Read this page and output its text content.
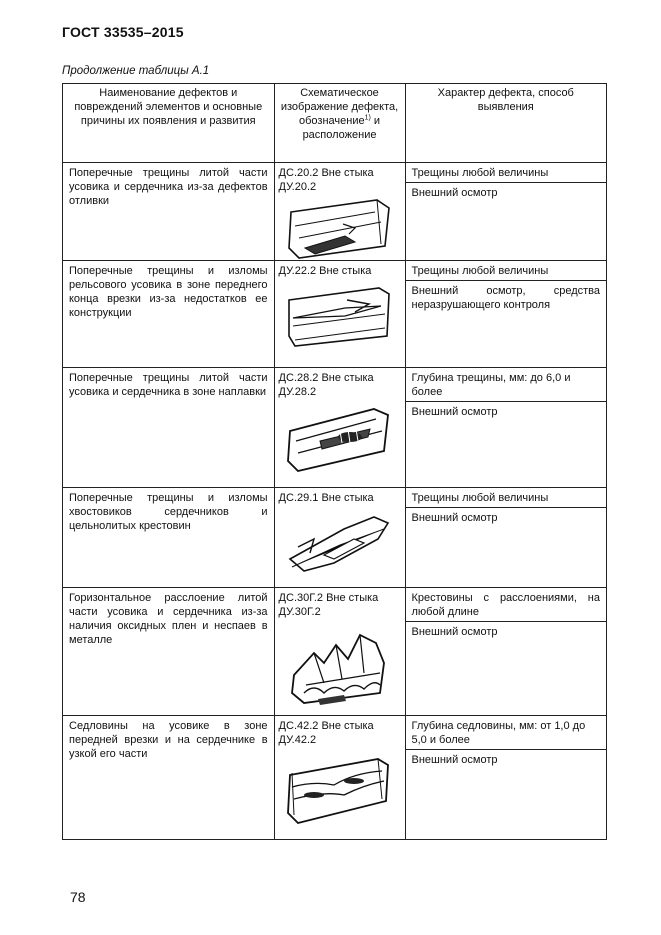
ГОСТ 33535–2015
Продолжение таблицы А.1
Наименование дефектов и повреждений элементов и основные причины их появления и развития	Схематическое изображение дефекта, обозначение$^{1)}$ и расположение	Характер дефекта, способ выявления
Поперечные трещины литой части усовика и сердечника из-за дефектов отливки	ДС.20.2 Вне стыка ДУ.20.2	Трещины любой величины
Внешний осмотр

Поперечные трещины и изломы рельсового усовика в зоне переднего конца врезки из-за недостатков ее конструкции	ДУ.22.2 Вне стыка	Трещины любой величины
Внешний осмотр, средства неразрушающего контроля

Поперечные трещины литой части усовика и сердечника в зоне наплавки	ДС.28.2 Вне стыка ДУ.28.2	Глубина трещины, мм: до 6,0 и более
Внешний осмотр

Поперечные трещины и изломы хвостовиков сердечников и цельнолитых крестовин	ДС.29.1 Вне стыка	Трещины любой величины
Внешний осмотр

Горизонтальное расслоение литой части усовика и сердечника из-за наличия оксидных плен и неспаев в металле	ДС.30Г.2 Вне стыка ДУ.30Г.2	Крестовины с расслоениями, на любой длине
Внешний осмотр

Седловины на усовике в зоне передней врезки и на сердечнике в узкой его части	ДС.42.2 Вне стыка ДУ.42.2	Глубина седловины, мм: от 1,0 до 5,0 и более
Внешний осмотр
78
